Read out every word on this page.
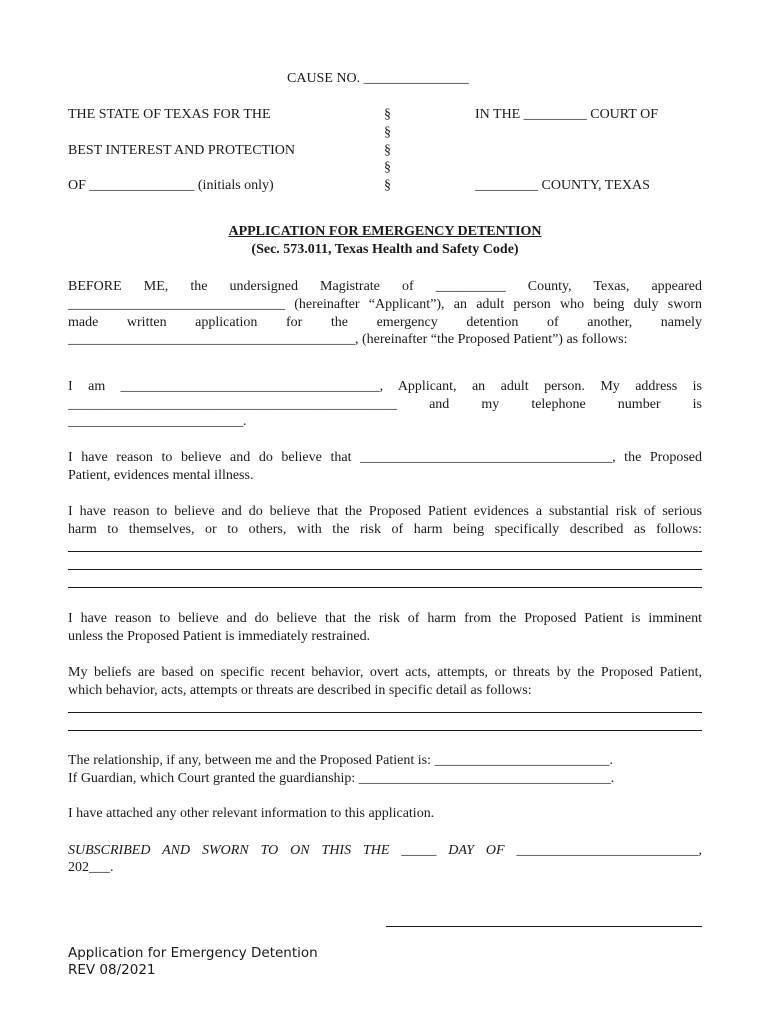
CAUSE NO. _______________
THE STATE OF TEXAS FOR THE
BEST INTEREST AND PROTECTION
OF _______________ (initials only)
§
§
§
§
§
IN THE _________ COURT OF
_________ COUNTY, TEXAS
APPLICATION FOR EMERGENCY DETENTION
(Sec. 573.011, Texas Health and Safety Code)
BEFORE ME, the undersigned Magistrate of __________ County, Texas, appeared
_______________________________ (hereinafter “Applicant”), an adult person who being duly sworn
made written application for the emergency detention of another, namely
_________________________________________, (hereinafter “the Proposed Patient”) as follows:
I am _____________________________________, Applicant, an adult person. My address is
_______________________________________________ and my telephone number is
_________________________.
I have reason to believe and do believe that ____________________________________, the Proposed
Patient, evidences mental illness.
I have reason to believe and do believe that the Proposed Patient evidences a substantial risk of serious
harm to themselves, or to others, with the risk of harm being specifically described as follows:
I have reason to believe and do believe that the risk of harm from the Proposed Patient is imminent
unless the Proposed Patient is immediately restrained.
My beliefs are based on specific recent behavior, overt acts, attempts, or threats by the Proposed Patient,
which behavior, acts, attempts or threats are described in specific detail as follows:
The relationship, if any, between me and the Proposed Patient is: _________________________.
If Guardian, which Court granted the guardianship: ____________________________________.
I have attached any other relevant information to this application.
SUBSCRIBED AND SWORN TO ON THIS THE _____ DAY OF __________________________,
202___.
Application for Emergency Detention
REV 08/2021
